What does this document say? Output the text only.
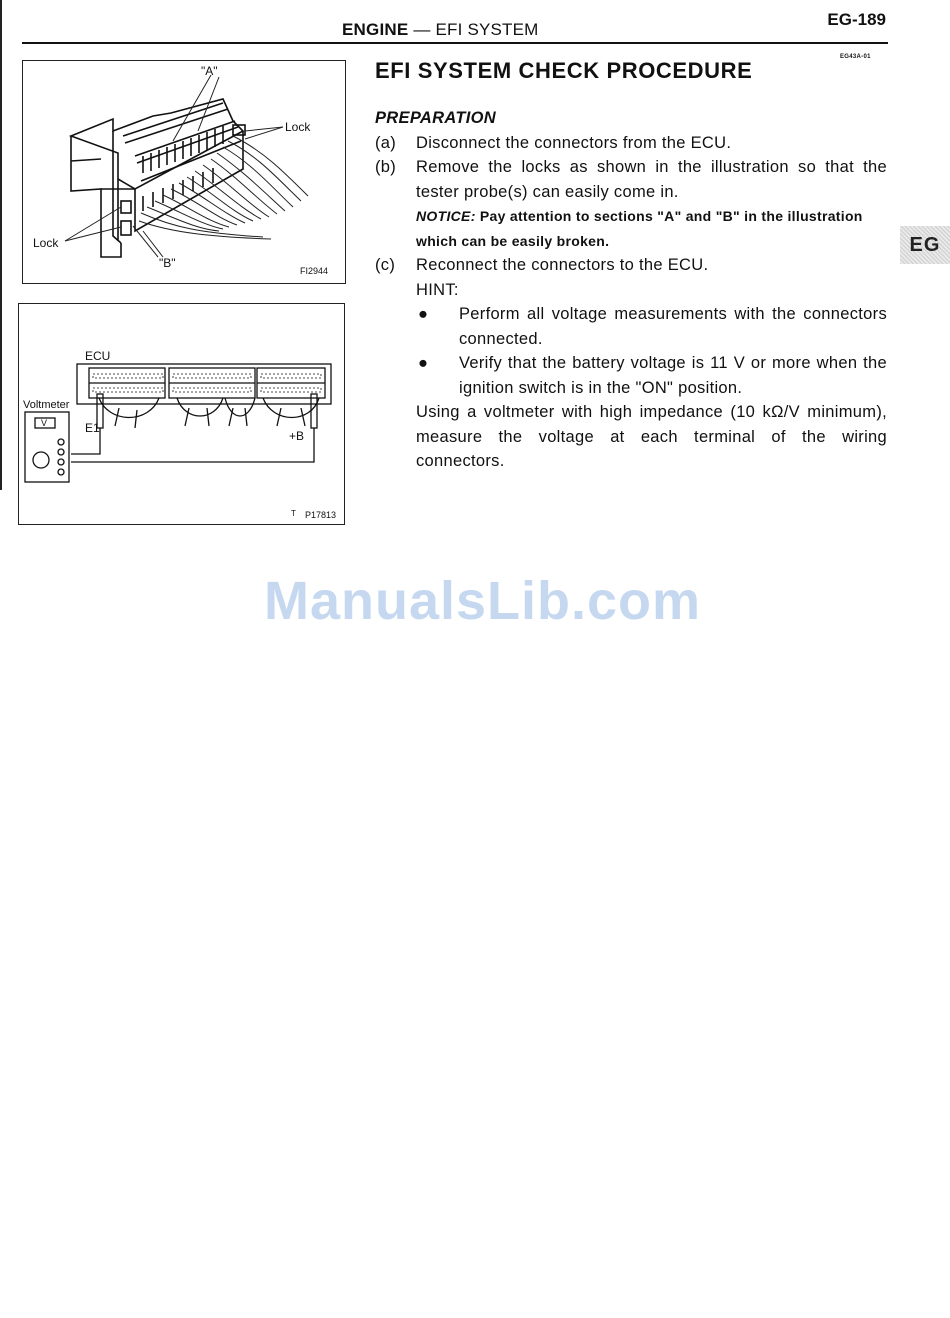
ENGINE — EFI SYSTEM
EG-189
"A"
Lock
Lock
"B"
FI2944
ECU
Voltmeter
V	E1
+B
T P17813
EG43A-01
EFI SYSTEM CHECK PROCEDURE
PREPARATION
(a)	Disconnect the connectors from the ECU.
(b)	Remove the locks as shown in the illustration so that the tester probe(s) can easily come in.
NOTICE: Pay attention to sections "A" and "B" in the illustration which can be easily broken.
(c)	Reconnect the connectors to the ECU.
HINT:
●	Perform all voltage measurements with the connectors connected.
●	Verify that the battery voltage is 11 V or more when the ignition switch is in the "ON" position.
Using a voltmeter with high impedance (10 kΩ/V minimum), measure the voltage at each terminal of the wiring connectors.
EG
ManualsLib.com
